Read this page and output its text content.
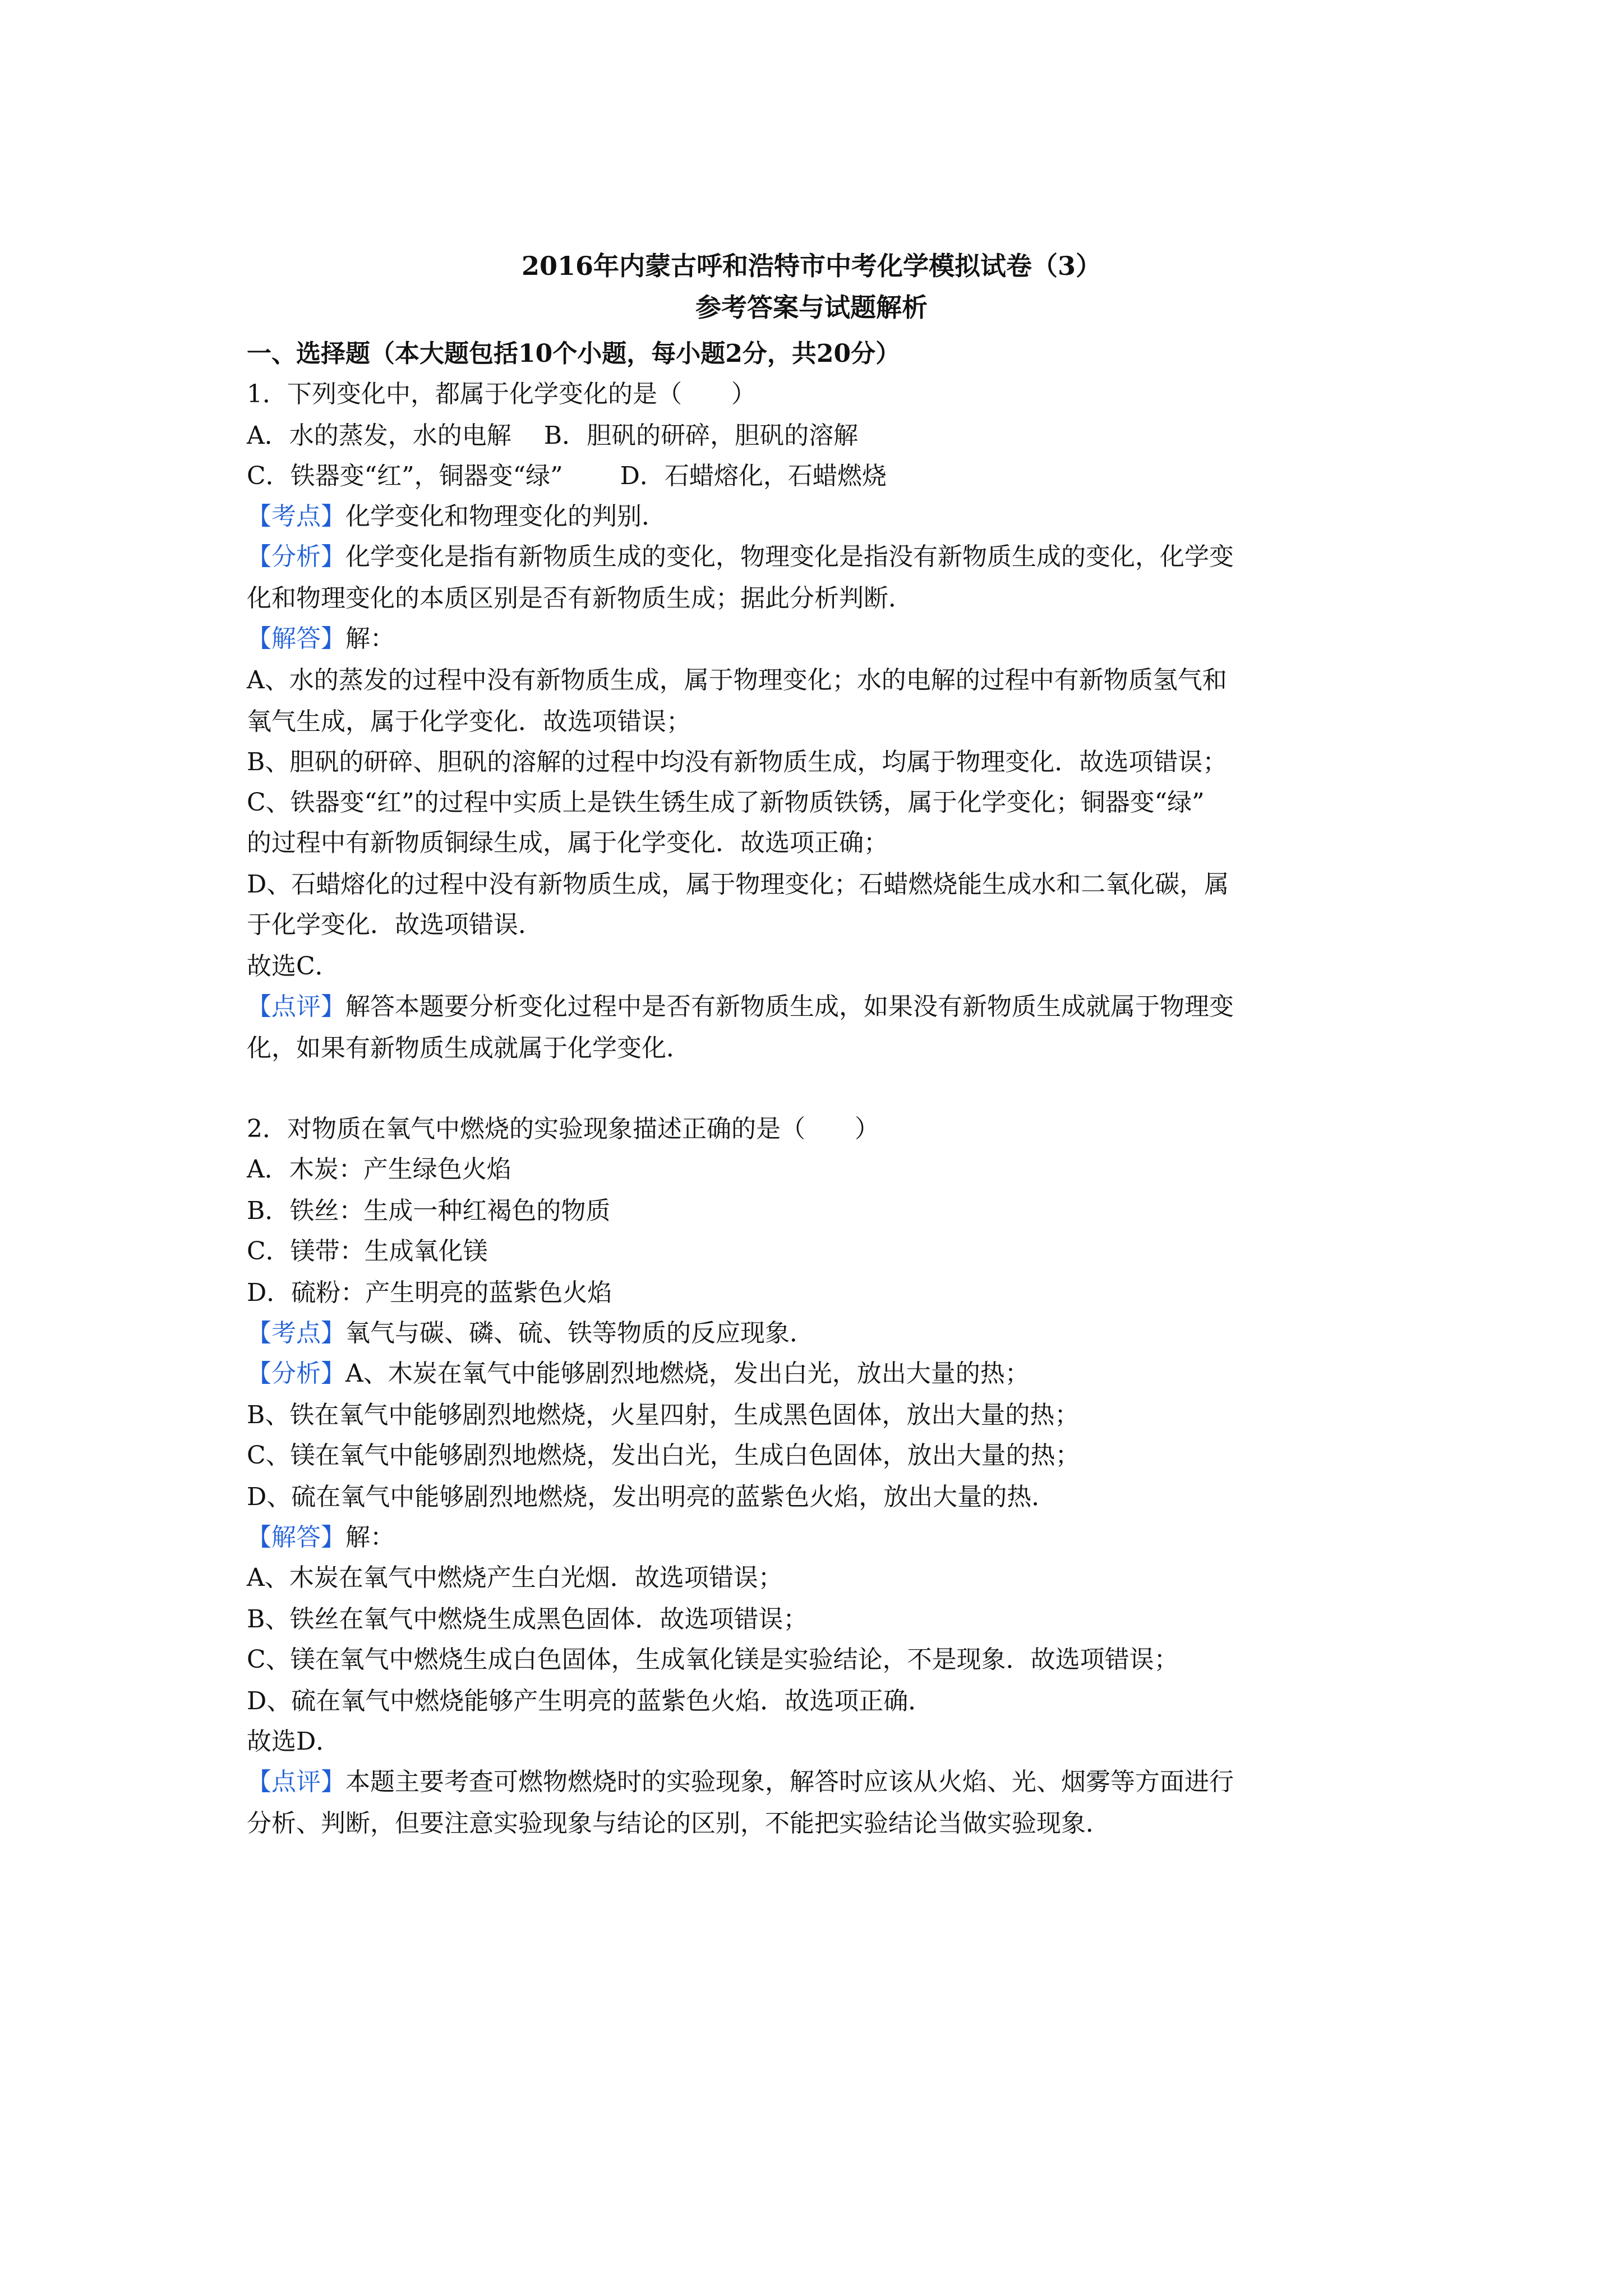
2016年内蒙古呼和浩特市中考化学模拟试卷（3）
参考答案与试题解析
一、选择题（本大题包括10个小题，每小题2分，共20分）
1．下列变化中，都属于化学变化的是（　　）
A．水的蒸发，水的电解　 B．胆矾的研碎，胆矾的溶解
C．铁器变“红”，铜器变“绿”　　 D．石蜡熔化，石蜡燃烧
【考点】化学变化和物理变化的判别．
【分析】化学变化是指有新物质生成的变化，物理变化是指没有新物质生成的变化，化学变
化和物理变化的本质区别是否有新物质生成；据此分析判断．
【解答】解：
A、水的蒸发的过程中没有新物质生成，属于物理变化；水的电解的过程中有新物质氢气和
氧气生成，属于化学变化．故选项错误；
B、胆矾的研碎、胆矾的溶解的过程中均没有新物质生成，均属于物理变化．故选项错误；
C、铁器变“红”的过程中实质上是铁生锈生成了新物质铁锈，属于化学变化；铜器变“绿”
的过程中有新物质铜绿生成，属于化学变化．故选项正确；
D、石蜡熔化的过程中没有新物质生成，属于物理变化；石蜡燃烧能生成水和二氧化碳，属
于化学变化．故选项错误．
故选C．
【点评】解答本题要分析变化过程中是否有新物质生成，如果没有新物质生成就属于物理变
化，如果有新物质生成就属于化学变化．
2．对物质在氧气中燃烧的实验现象描述正确的是（　　）
A．木炭：产生绿色火焰
B．铁丝：生成一种红褐色的物质
C．镁带：生成氧化镁
D．硫粉：产生明亮的蓝紫色火焰
【考点】氧气与碳、磷、硫、铁等物质的反应现象．
【分析】A、木炭在氧气中能够剧烈地燃烧，发出白光，放出大量的热；
B、铁在氧气中能够剧烈地燃烧，火星四射，生成黑色固体，放出大量的热；
C、镁在氧气中能够剧烈地燃烧，发出白光，生成白色固体，放出大量的热；
D、硫在氧气中能够剧烈地燃烧，发出明亮的蓝紫色火焰，放出大量的热．
【解答】解：
A、木炭在氧气中燃烧产生白光烟．故选项错误；
B、铁丝在氧气中燃烧生成黑色固体．故选项错误；
C、镁在氧气中燃烧生成白色固体，生成氧化镁是实验结论，不是现象．故选项错误；
D、硫在氧气中燃烧能够产生明亮的蓝紫色火焰．故选项正确．
故选D．
【点评】本题主要考查可燃物燃烧时的实验现象，解答时应该从火焰、光、烟雾等方面进行
分析、判断，但要注意实验现象与结论的区别，不能把实验结论当做实验现象．
